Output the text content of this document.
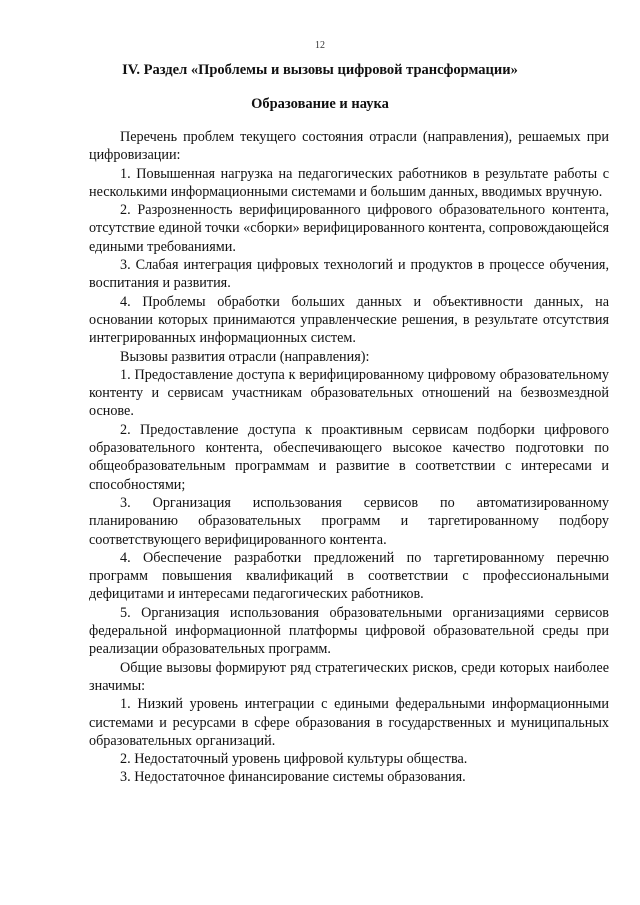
12
IV. Раздел «Проблемы и вызовы цифровой трансформации»
Образование и наука

Перечень проблем текущего состояния отрасли (направления), решаемых при цифровизации:

1. Повышенная нагрузка на педагогических работников в результате работы с несколькими информационными системами и большим данных, вводимых вручную.

2. Разрозненность верифицированного цифрового образовательного контента, отсутствие единой точки «сборки» верифицированного контента, сопровождающейся едиными требованиями.

3. Слабая интеграция цифровых технологий и продуктов в процессе обучения, воспитания и развития.

4. Проблемы обработки больших данных и объективности данных, на основании которых принимаются управленческие решения, в результате отсутствия интегрированных информационных систем.

Вызовы развития отрасли (направления):

1. Предоставление доступа к верифицированному цифровому образовательному контенту и сервисам участникам образовательных отношений на безвозмездной основе.

2. Предоставление доступа к проактивным сервисам подборки цифрового образовательного контента, обеспечивающего высокое качество подготовки по общеобразовательным программам и развитие в соответствии с интересами и способностями;

3. Организация использования сервисов по автоматизированному планированию образовательных программ и таргетированному подбору соответствующего верифицированного контента.

4. Обеспечение разработки предложений по таргетированному перечню программ повышения квалификаций в соответствии с профессиональными дефицитами и интересами педагогических работников.

5. Организация использования образовательными организациями сервисов федеральной информационной платформы цифровой образовательной среды при реализации образовательных программ.

Общие вызовы формируют ряд стратегических рисков, среди которых наиболее значимы:

1. Низкий уровень интеграции с едиными федеральными информационными системами и ресурсами в сфере образования в государственных и муниципальных образовательных организаций.

2. Недостаточный уровень цифровой культуры общества.

3. Недостаточное финансирование системы образования.
